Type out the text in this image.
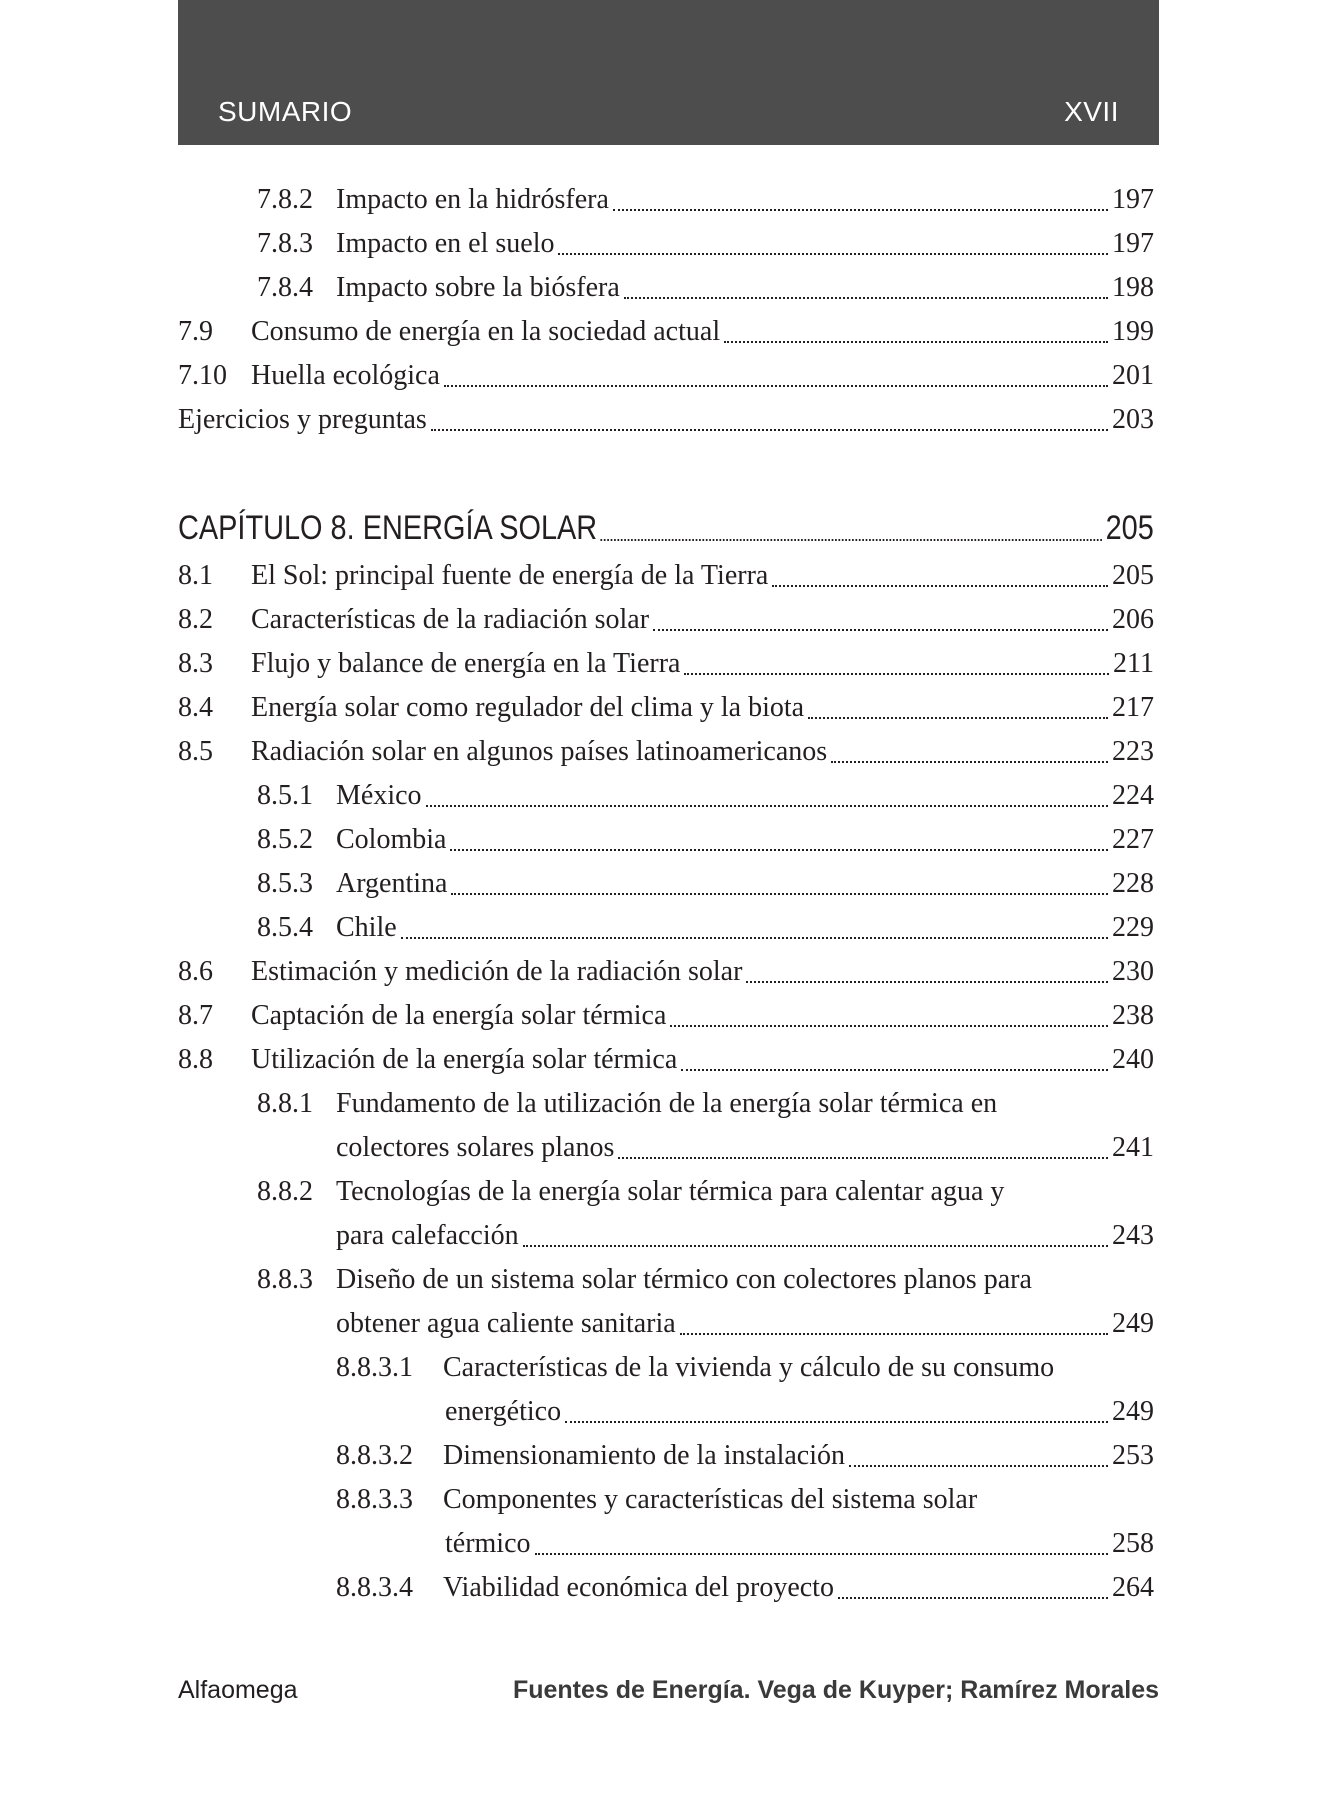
SUMARIO	XVII
7.8.2 Impacto en la hidrósfera	197
7.8.3 Impacto en el suelo	197
7.8.4 Impacto sobre la biósfera	198
7.9 Consumo de energía en la sociedad actual	199
7.10 Huella ecológica	201
Ejercicios y preguntas	203
CAPÍTULO 8. ENERGÍA SOLAR	205
8.1 El Sol: principal fuente de energía de la Tierra	205
8.2 Características de la radiación solar	206
8.3 Flujo y balance de energía en la Tierra	211
8.4 Energía solar como regulador del clima y la biota	217
8.5 Radiación solar en algunos países latinoamericanos	223
8.5.1 México	224
8.5.2 Colombia	227
8.5.3 Argentina	228
8.5.4 Chile	229
8.6 Estimación y medición de la radiación solar	230
8.7 Captación de la energía solar térmica	238
8.8 Utilización de la energía solar térmica	240
8.8.1 Fundamento de la utilización de la energía solar térmica en
colectores solares planos	241
8.8.2 Tecnologías de la energía solar térmica para calentar agua y
para calefacción	243
8.8.3 Diseño de un sistema solar térmico con colectores planos para
obtener agua caliente sanitaria	249
8.8.3.1 Características de la vivienda y cálculo de su consumo
energético	249
8.8.3.2 Dimensionamiento de la instalación	253
8.8.3.3 Componentes y características del sistema solar
térmico	258
8.8.3.4 Viabilidad económica del proyecto	264
Alfaomega	Fuentes de Energía. Vega de Kuyper; Ramírez Morales
